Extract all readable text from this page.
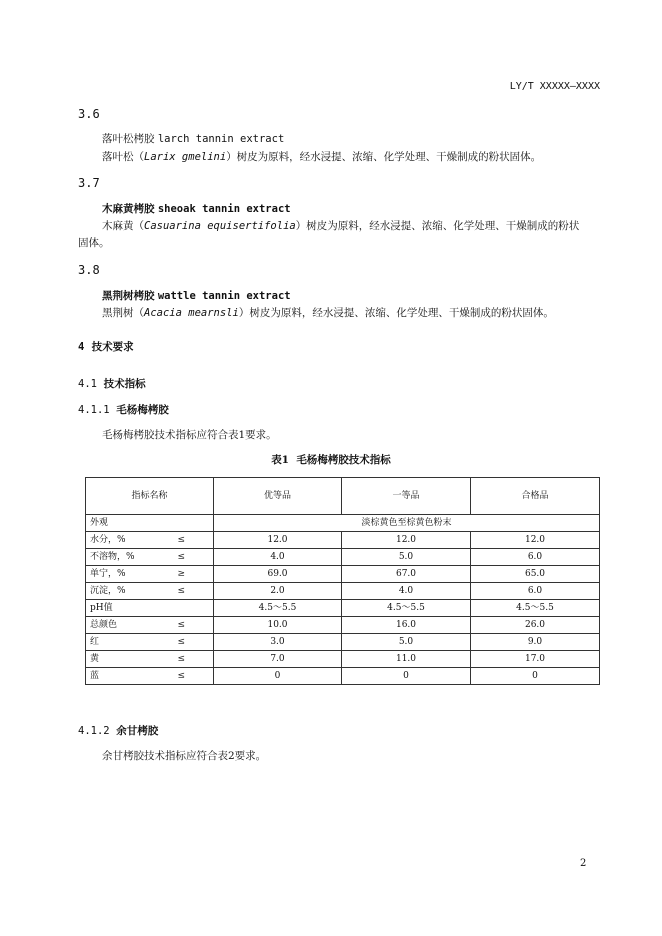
LY/T XXXXX—XXXX
3.6
落叶松栲胶 larch tannin extract
落叶松（Larix gmelini）树皮为原料，经水浸提、浓缩、化学处理、干燥制成的粉状固体。
3.7
木麻黄栲胶 sheoak tannin extract
木麻黄（Casuarina equisertifolia）树皮为原料，经水浸提、浓缩、化学处理、干燥制成的粉状
固体。
3.8
黑荆树栲胶 wattle tannin extract
黑荆树（Acacia mearnsli）树皮为原料，经水浸提、浓缩、化学处理、干燥制成的粉状固体。
4 技术要求
4.1 技术指标
4.1.1 毛杨梅栲胶
毛杨梅栲胶技术指标应符合表1要求。
表1 毛杨梅栲胶技术指标
指标名称	优等品	一等品	合格品
外观	淡棕黄色至棕黄色粉末		

水分，% ≤	12.0	12.0	12.0

不溶物，% ≤	4.0	5.0	6.0

单宁，% ≥	69.0	67.0	65.0

沉淀，% ≤	2.0	4.0	6.0

pH值	4.5～5.5	4.5～5.5	4.5～5.5

总颜色 ≤	10.0	16.0	26.0

红 ≤	3.0	5.0	9.0

黄 ≤	7.0	11.0	17.0

蓝 ≤	0	0	0
4.1.2 余甘栲胶
余甘栲胶技术指标应符合表2要求。
2
